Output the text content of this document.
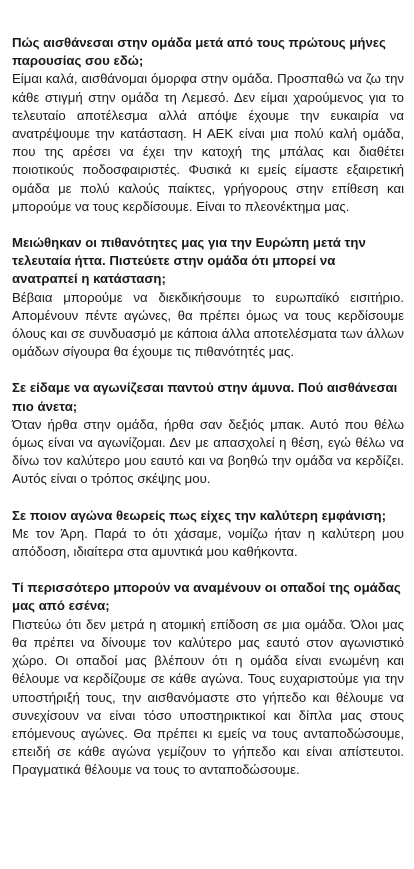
Πώς αισθάνεσαι στην ομάδα μετά από τους πρώτους μήνες παρουσίας σου εδώ;

Είμαι καλά, αισθάνομαι όμορφα στην ομάδα. Προσπαθώ να ζω την κάθε στιγμή στην ομάδα τη Λεμεσό. Δεν είμαι χαρούμενος για το τελευταίο αποτέλεσμα αλλά απόψε έχουμε την ευκαιρία να ανατρέψουμε την κατάσταση. Η ΑΕΚ είναι μια πολύ καλή ομάδα, που της αρέσει να έχει την κατοχή της μπάλας και διαθέτει ποιοτικούς ποδοσφαιριστές. Φυσικά κι εμείς είμαστε εξαιρετική ομάδα με πολύ καλούς παίκτες, γρήγορους στην επίθεση και μπορούμε να τους κερδίσουμε. Είναι το πλεονέκτημα μας.

Μειώθηκαν οι πιθανότητες μας για την Ευρώπη μετά την τελευταία ήττα. Πιστεύετε στην ομάδα ότι μπορεί να ανατραπεί η κατάσταση;

Βέβαια μπορούμε να διεκδικήσουμε το ευρωπαϊκό εισιτήριο. Απομένουν πέντε αγώνες, θα πρέπει όμως να τους κερδίσουμε όλους και σε συνδυασμό με κάποια άλλα αποτελέσματα των άλλων ομάδων σίγουρα θα έχουμε τις πιθανότητές μας.

Σε είδαμε να αγωνίζεσαι παντού στην άμυνα. Πού αισθάνεσαι πιο άνετα;

Όταν ήρθα στην ομάδα, ήρθα σαν δεξιός μπακ. Αυτό που θέλω όμως είναι να αγωνίζομαι. Δεν με απασχολεί η θέση, εγώ θέλω να δίνω τον καλύτερο μου εαυτό και να βοηθώ την ομάδα να κερδίζει. Αυτός είναι ο τρόπος σκέψης μου.

Σε ποιον αγώνα θεωρείς πως είχες την καλύτερη εμφάνιση;

Με τον Άρη. Παρά το ότι χάσαμε, νομίζω ήταν η καλύτερη μου απόδοση, ιδιαίτερα στα αμυντικά μου καθήκοντα.

Τί περισσότερο μπορούν να αναμένουν οι οπαδοί της ομάδας μας από εσένα;

Πιστεύω ότι δεν μετρά η ατομική επίδοση σε μια ομάδα. Όλοι μας θα πρέπει να δίνουμε τον καλύτερο μας εαυτό στον αγωνιστικό χώρο. Οι οπαδοί μας βλέπουν ότι η ομάδα είναι ενωμένη και θέλουμε να κερδίζουμε σε κάθε αγώνα. Τους ευχαριστούμε για την υποστήριξή τους, την αισθανόμαστε στο γήπεδο και θέλουμε να συνεχίσουν να είναι τόσο υποστηρικτικοί και δίπλα μας στους επόμενους αγώνες. Θα πρέπει κι εμείς να τους ανταποδώσουμε, επειδή σε κάθε αγώνα γεμίζουν το γήπεδο και είναι απίστευτοι. Πραγματικά θέλουμε να τους το ανταποδώσουμε.
